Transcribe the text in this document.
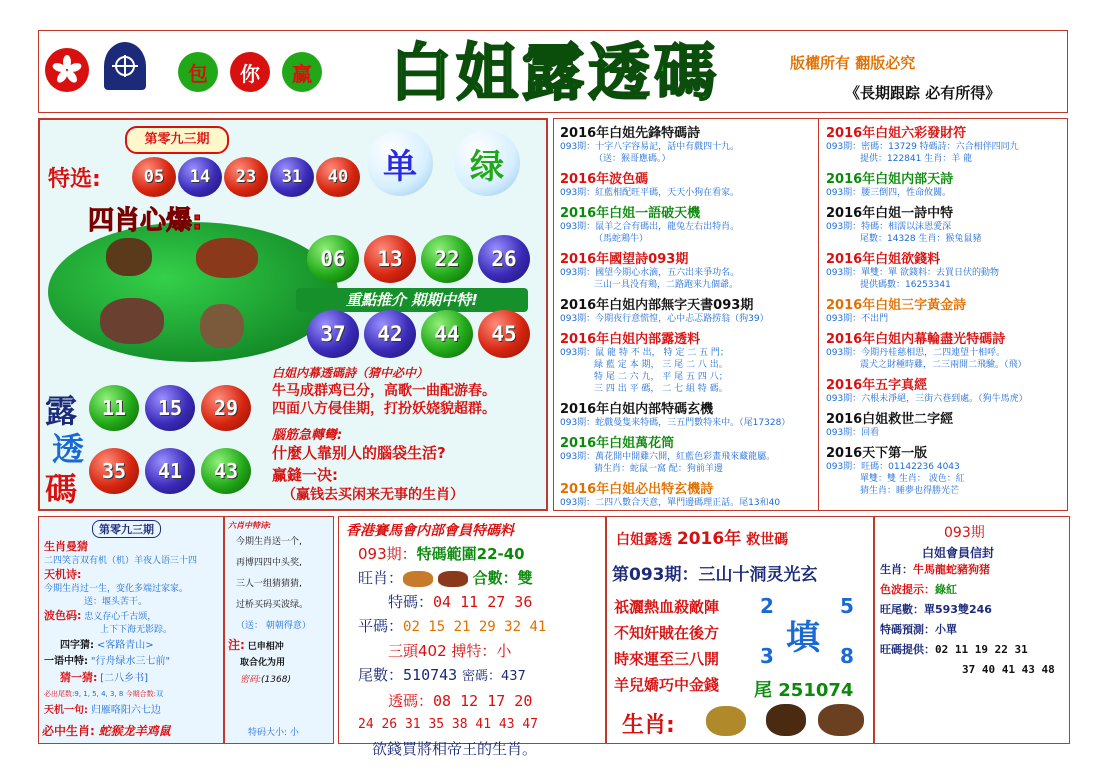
包	你	赢	白姐露透碼	版權所有 翻版必究
《長期跟踪 必有所得》
第零九三期
特选:	05	14	23	31	40	单	绿
四肖心爆:
06	13	22	26
重點推介 期期中特!
37	42	44	45
露
透
碼
11	15	29
35	41	43
白姐内幕透碼詩（猜中必中）
牛马成群鸡已分，高歌一曲配游春。
四面八方侵佳期，打扮妖娆貌超群。
腦筋急轉彎:
什麼人靠别人的腦袋生活?
赢鏠一决:
（赢钱去买闲来无事的生肖）
2016年白姐先鋒特碼詩
093期：十字八字容易記，話中有戲四十九。
（送：猴哥應碼。）
2016年波色碼
093期：紅藍相配旺平碼，天天小狗在看家。
2016年白姐一語破天機
093期：鼠羊之合有碼出，龍兔左右出特肖。
（馬蛇鶏牛）
2016年國望詩093期
093期：國望今期心水滴，五六出来爭功名。
三山一具没有鶏，二路跑来九個爺。
2016年白姐内部無字天書093期
093期：今期夜行意慌惶，心中忐忑路捞翁（狗39）
2016年白姐内部露透料
093期：鼠 龍 特 不 出， 特 定 二 五 門；
緑 藍 定 本 期， 三 尾 二 八 出。
特 尾 二 六 九， 平 尾 五 四 八；
三 四 出 平 碼， 二 七 組 特 碼。
2016年白姐内部特碼玄機
093期：蛇戲曼隻来特碼，三五門數特来中。（尾17328）
2016年白姐萬花筒
093期：萬花開中開雞六開，紅藍色彩畫飛來藏龍屬。
猜生肖：蛇鼠一窩 配：狗前羊邊
2016年白姐必出特玄機詩
093期：二四八數合天意，單門邊碼理正話。尾13和40
2016年白姐六彩發財符
093期：密碼：13729 特碼詩：六合相伴四同九
提供：122841 生肖：羊 龍
2016年白姐内部天詩
093期：腰三倒四，性命攸關。
2016年白姐一詩中特
093期：特碼：相濡以沫恩愛深
尾數：14328 生肖：猴兔鼠豬
2016年白姐欲錢料
093期：單雙：單 欲錢料：去買日伏的動物
提供碼數：16253341
2016年白姐三字黃金詩
093期：不出門
2016年白姐内幕輪盡光特碼詩
093期：今期丹桂慈相思，二四連望十相呼。
震犬之財種時雞，二三兩開二飛驗。（飛）
2016年五字真經
093期：六根未淨絕，三街六巷到處。（狗牛馬虎）
2016白姐救世二字經
093期：回看
2016天下第一版
093期：旺碼：01142236 4043
單雙：雙 生肖： 波色：紅
猜生肖：睡夢也得勝光芒
第零九三期
生肖曼猜
二四笑言双有机（机）羊夜人语三十四
天机诗:
今期生肖过一生，变化多端过家家。
送：堰头苦干。
波色码: 忠义存心千古颂，
上下下海无影踪。
四字猜: <客路青山>
一语中特: "行舟绿水三七前"
猜一猜: [二八乡书]
必出尾数:9, 1, 5, 4, 3, 8 今期合数:双
天机一句: 归雁咯阳六七边
六肖中特诗:
今期生肖送一个,
再博四四中头奖,
三人一组猜猜猜,
过桥买码买波绿。
（送： 朝朝得意）
注: 巳申相冲
取合化为用
密码:(1368)
必中生肖: 蛇猴龙羊鸡鼠	特码大小: 小
香港賽馬會内部會員特碼料
093期：特碼範圍22-40
旺肖：	合數：雙
特碼：04 11 27 36
平碼：02 15 21 29 32 41
三頭402 搏特：小
尾數：510743 密碼：437
透碼：08 12 17 20
24 26 31 35 38 41 43 47
欲錢買將相帝王的生肖。
白姐露透 2016年 救世碼
第093期：三山十洞灵光玄
祇灑熱血殺敵陣
不知奸賊在後方
時來運至三八開
羊兒嬌巧中金錢
2	5
填
3	8
尾 251074
生肖:
093期
白姐會員信封
生肖：牛馬龍蛇豬狗猪
色波提示：綠紅
旺尾數：單593雙246
特碼預測：小單
旺碼提供：02 11 19 22 31
37 40 41 43 48
